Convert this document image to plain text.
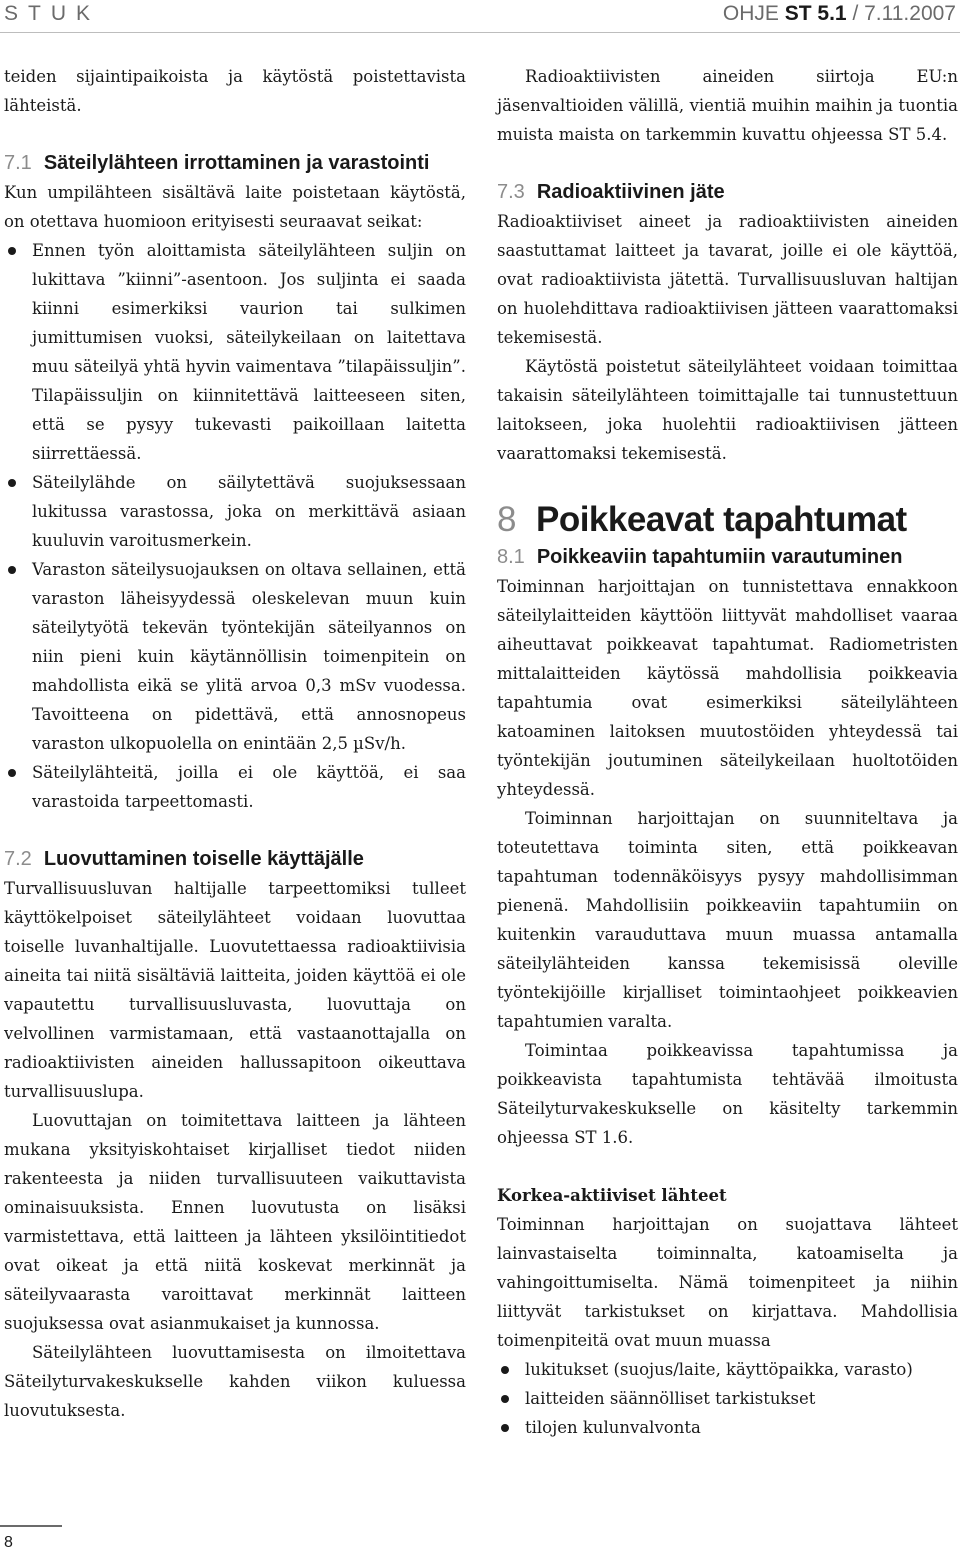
STUK	OHJE ST 5.1 / 7.11.2007

teiden sijaintipaikoista ja käytöstä poistettavista lähteistä.

7.1 Säteilylähteen irrottaminen ja varastointi

Kun umpilähteen sisältävä laite poistetaan käytöstä, on otettava huomioon erityisesti seuraavat seikat:

Ennen työn aloittamista säteilylähteen suljin on lukittava ”kiinni”-asentoon. Jos suljinta ei saada kiinni esimerkiksi vaurion tai sulkimen jumittumisen vuoksi, säteilykeilaan on laitettava muu säteilyä yhtä hyvin vaimentava ”tilapäissuljin”. Tilapäissuljin on kiinnitettävä laitteeseen siten, että se pysyy tukevasti paikoillaan laitetta siirrettäessä.
Säteilylähde on säilytettävä suojuksessaan lukitussa varastossa, joka on merkittävä asiaan kuuluvin varoitusmerkein.
Varaston säteilysuojauksen on oltava sellainen, että varaston läheisyydessä oleskelevan muun kuin säteilytyötä tekevän työntekijän säteilyannos on niin pieni kuin käytännöllisin toimenpitein on mahdollista eikä se ylitä arvoa 0,3 mSv vuodessa. Tavoitteena on pidettävä, että annosnopeus varaston ulkopuolella on enintään 2,5 µSv/h.
Säteilylähteitä, joilla ei ole käyttöä, ei saa varastoida tarpeettomasti.
7.2 Luovuttaminen toiselle käyttäjälle

Turvallisuusluvan haltijalle tarpeettomiksi tulleet käyttökelpoiset säteilylähteet voidaan luovuttaa toiselle luvanhaltijalle. Luovutettaessa radioaktiivisia aineita tai niitä sisältäviä laitteita, joiden käyttöä ei ole vapautettu turvallisuusluvasta, luovuttaja on velvollinen varmistamaan, että vastaanottajalla on radioaktiivisten aineiden hallussapitoon oikeuttava turvallisuuslupa.

Luovuttajan on toimitettava laitteen ja lähteen mukana yksityiskohtaiset kirjalliset tiedot niiden rakenteesta ja niiden turvallisuuteen vaikuttavista ominaisuuksista. Ennen luovutusta on lisäksi varmistettava, että laitteen ja lähteen yksilöintitiedot ovat oikeat ja että niitä koskevat merkinnät ja säteilyvaarasta varoittavat merkinnät laitteen suojuksessa ovat asianmukaiset ja kunnossa.

Säteilylähteen luovuttamisesta on ilmoitettava Säteilyturvakeskukselle kahden viikon kuluessa luovutuksesta.

Radioaktiivisten aineiden siirtoja EU:n jäsenvaltioiden välillä, vientiä muihin maihin ja tuontia muista maista on tarkemmin kuvattu ohjeessa ST 5.4.

7.3 Radioaktiivinen jäte

Radioaktiiviset aineet ja radioaktiivisten aineiden saastuttamat laitteet ja tavarat, joille ei ole käyttöä, ovat radioaktiivista jätettä. Turvallisuusluvan haltijan on huolehdittava radioaktiivisen jätteen vaarattomaksi tekemisestä.

Käytöstä poistetut säteilylähteet voidaan toimittaa takaisin säteilylähteen toimittajalle tai tunnustettuun laitokseen, joka huolehtii radioaktiivisen jätteen vaarattomaksi tekemisestä.

8 Poikkeavat tapahtumat
8.1 Poikkeaviin tapahtumiin varautuminen

Toiminnan harjoittajan on tunnistettava ennakkoon säteilylaitteiden käyttöön liittyvät mahdolliset vaaraa aiheuttavat poikkeavat tapahtumat. Radiometristen mittalaitteiden käytössä mahdollisia poikkeavia tapahtumia ovat esimerkiksi säteilylähteen katoaminen laitoksen muutostöiden yhteydessä tai työntekijän joutuminen säteilykeilaan huoltotöiden yhteydessä.

Toiminnan harjoittajan on suunniteltava ja toteutettava toiminta siten, että poikkeavan tapahtuman todennäköisyys pysyy mahdollisimman pienenä. Mahdollisiin poikkeaviin tapahtumiin on kuitenkin varauduttava muun muassa antamalla säteilylähteiden kanssa tekemisissä oleville työntekijöille kirjalliset toimintaohjeet poikkeavien tapahtumien varalta.

Toimintaa poikkeavissa tapahtumissa ja poikkeavista tapahtumista tehtävää ilmoitusta Säteilyturvakeskukselle on käsitelty tarkemmin ohjeessa ST 1.6.

Korkea-aktiiviset lähteet

Toiminnan harjoittajan on suojattava lähteet lainvastaiselta toiminnalta, katoamiselta ja vahingoittumiselta. Nämä toimenpiteet ja niihin liittyvät tarkistukset on kirjattava. Mahdollisia toimenpiteitä ovat muun muassa

lukitukset (suojus/laite, käyttöpaikka, varasto)
laitteiden säännölliset tarkistukset
tilojen kulunvalvonta
8
